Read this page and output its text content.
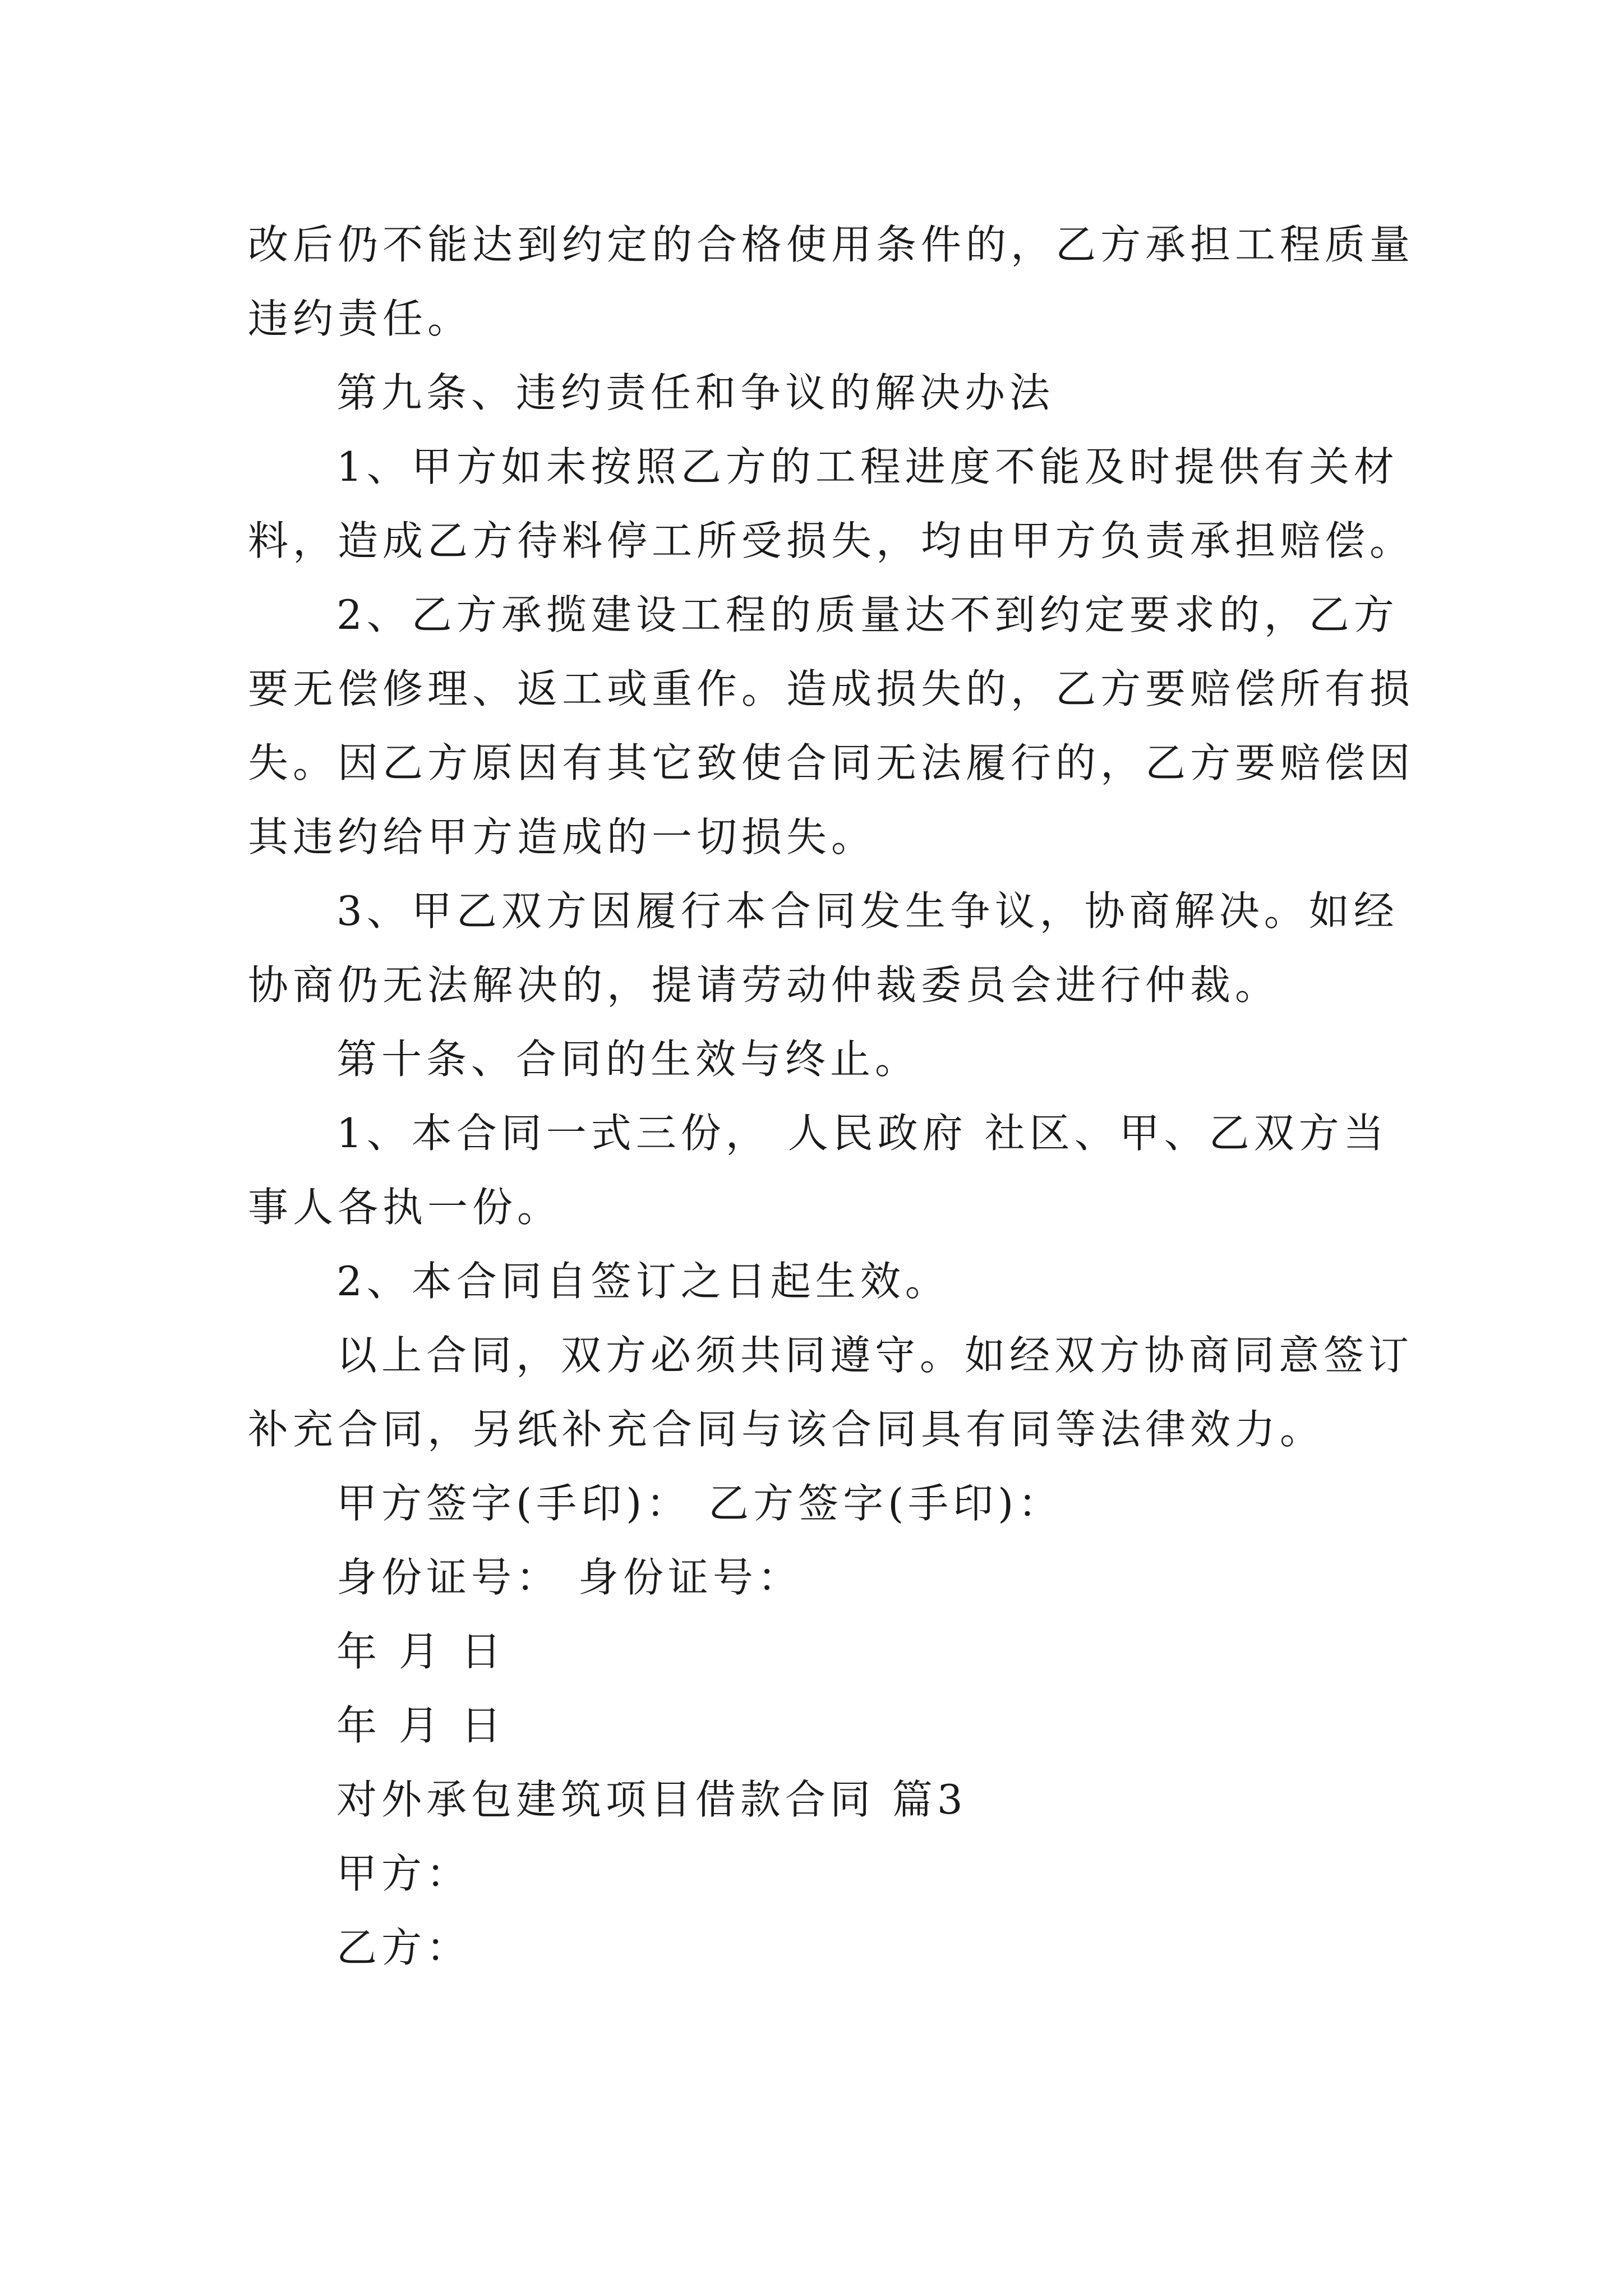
改后仍不能达到约定的合格使用条件的，乙方承担工程质量
违约责任。
第九条、违约责任和争议的解决办法
1、甲方如未按照乙方的工程进度不能及时提供有关材
料，造成乙方待料停工所受损失，均由甲方负责承担赔偿。
2、乙方承揽建设工程的质量达不到约定要求的，乙方
要无偿修理、返工或重作。造成损失的，乙方要赔偿所有损
失。因乙方原因有其它致使合同无法履行的，乙方要赔偿因
其违约给甲方造成的一切损失。
3、甲乙双方因履行本合同发生争议，协商解决。如经
协商仍无法解决的，提请劳动仲裁委员会进行仲裁。
第十条、合同的生效与终止。
1、本合同一式三份， 人民政府 社区、甲、乙双方当
事人各执一份。
2、本合同自签订之日起生效。
以上合同，双方必须共同遵守。如经双方协商同意签订
补充合同，另纸补充合同与该合同具有同等法律效力。
甲方签字(手印)： 乙方签字(手印)：
身份证号： 身份证号：
年 月 日
年 月 日
对外承包建筑项目借款合同 篇3
甲方：
乙方：
